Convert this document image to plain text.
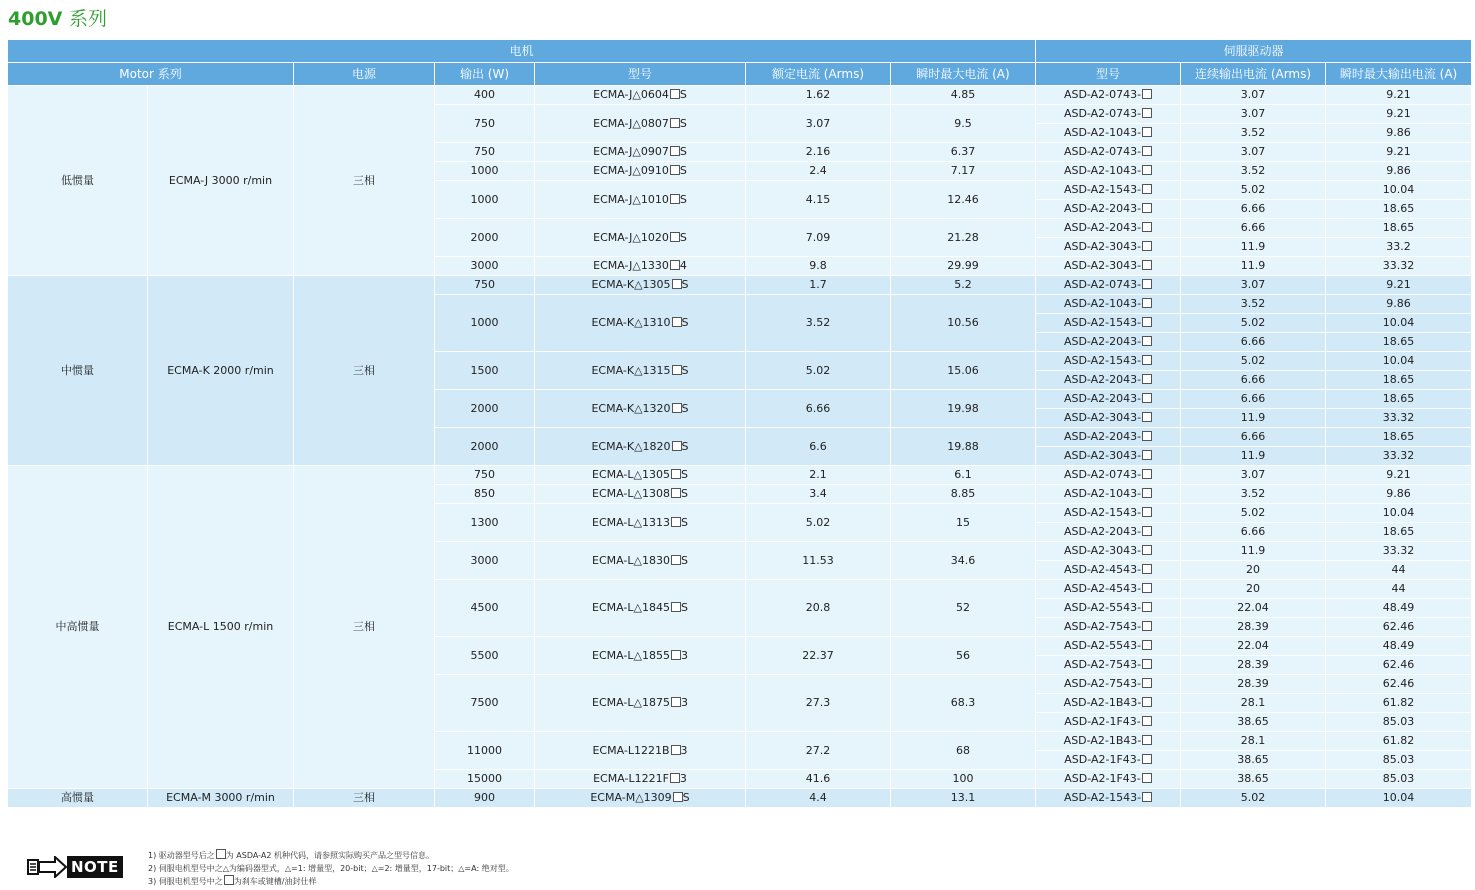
400V 系列
电机							伺服驱动器		
Motor 系列		电源	输出 (W)	型号	额定电流 (Arms)	瞬时最大电流 (A)	型号	连续输出电流 (Arms)	瞬时最大输出电流 (A)
低惯量	ECMA-J 3000 r/min	三相	400	ECMA-J△0604 S	1.62	4.85	ASD-A2-0743-	3.07	9.21
			750	ECMA-J△0807 S	3.07	9.5	ASD-A2-0743-	3.07	9.21
							ASD-A2-1043-	3.52	9.86
			750	ECMA-J△0907 S	2.16	6.37	ASD-A2-0743-	3.07	9.21
			1000	ECMA-J△0910 S	2.4	7.17	ASD-A2-1043-	3.52	9.86
			1000	ECMA-J△1010 S	4.15	12.46	ASD-A2-1543-	5.02	10.04
							ASD-A2-2043-	6.66	18.65
			2000	ECMA-J△1020 S	7.09	21.28	ASD-A2-2043-	6.66	18.65
							ASD-A2-3043-	11.9	33.2
			3000	ECMA-J△1330 4	9.8	29.99	ASD-A2-3043-	11.9	33.32
中惯量	ECMA-K 2000 r/min	三相	750	ECMA-K△1305 S	1.7	5.2	ASD-A2-0743-	3.07	9.21
			1000	ECMA-K△1310 S	3.52	10.56	ASD-A2-1043-	3.52	9.86
							ASD-A2-1543-	5.02	10.04
							ASD-A2-2043-	6.66	18.65
			1500	ECMA-K△1315 S	5.02	15.06	ASD-A2-1543-	5.02	10.04
							ASD-A2-2043-	6.66	18.65
			2000	ECMA-K△1320 S	6.66	19.98	ASD-A2-2043-	6.66	18.65
							ASD-A2-3043-	11.9	33.32
			2000	ECMA-K△1820 S	6.6	19.88	ASD-A2-2043-	6.66	18.65
							ASD-A2-3043-	11.9	33.32
中高惯量	ECMA-L 1500 r/min	三相	750	ECMA-L△1305 S	2.1	6.1	ASD-A2-0743-	3.07	9.21
			850	ECMA-L△1308 S	3.4	8.85	ASD-A2-1043-	3.52	9.86
			1300	ECMA-L△1313 S	5.02	15	ASD-A2-1543-	5.02	10.04
							ASD-A2-2043-	6.66	18.65
			3000	ECMA-L△1830 S	11.53	34.6	ASD-A2-3043-	11.9	33.32
							ASD-A2-4543-	20	44
			4500	ECMA-L△1845 S	20.8	52	ASD-A2-4543-	20	44
							ASD-A2-5543-	22.04	48.49
							ASD-A2-7543-	28.39	62.46
			5500	ECMA-L△1855 3	22.37	56	ASD-A2-5543-	22.04	48.49
							ASD-A2-7543-	28.39	62.46
			7500	ECMA-L△1875 3	27.3	68.3	ASD-A2-7543-	28.39	62.46
							ASD-A2-1B43-	28.1	61.82
							ASD-A2-1F43-	38.65	85.03
			11000	ECMA-L1221B 3	27.2	68	ASD-A2-1B43-	28.1	61.82
							ASD-A2-1F43-	38.65	85.03
			15000	ECMA-L1221F 3	41.6	100	ASD-A2-1F43-	38.65	85.03
高惯量	ECMA-M 3000 r/min	三相	900	ECMA-M△1309 S	4.4	13.1	ASD-A2-1543-	5.02	10.04
NOTE
1) 驱动器型号后之 为 ASDA-A2 机种代码，请参照实际购买产品之型号信息。
2) 伺服电机型号中之△为编码器型式，△=1: 增量型，20-bit；△=2: 增量型，17-bit；△=A: 绝对型。
3) 伺服电机型号中之 为刹车或键槽/油封仕样
